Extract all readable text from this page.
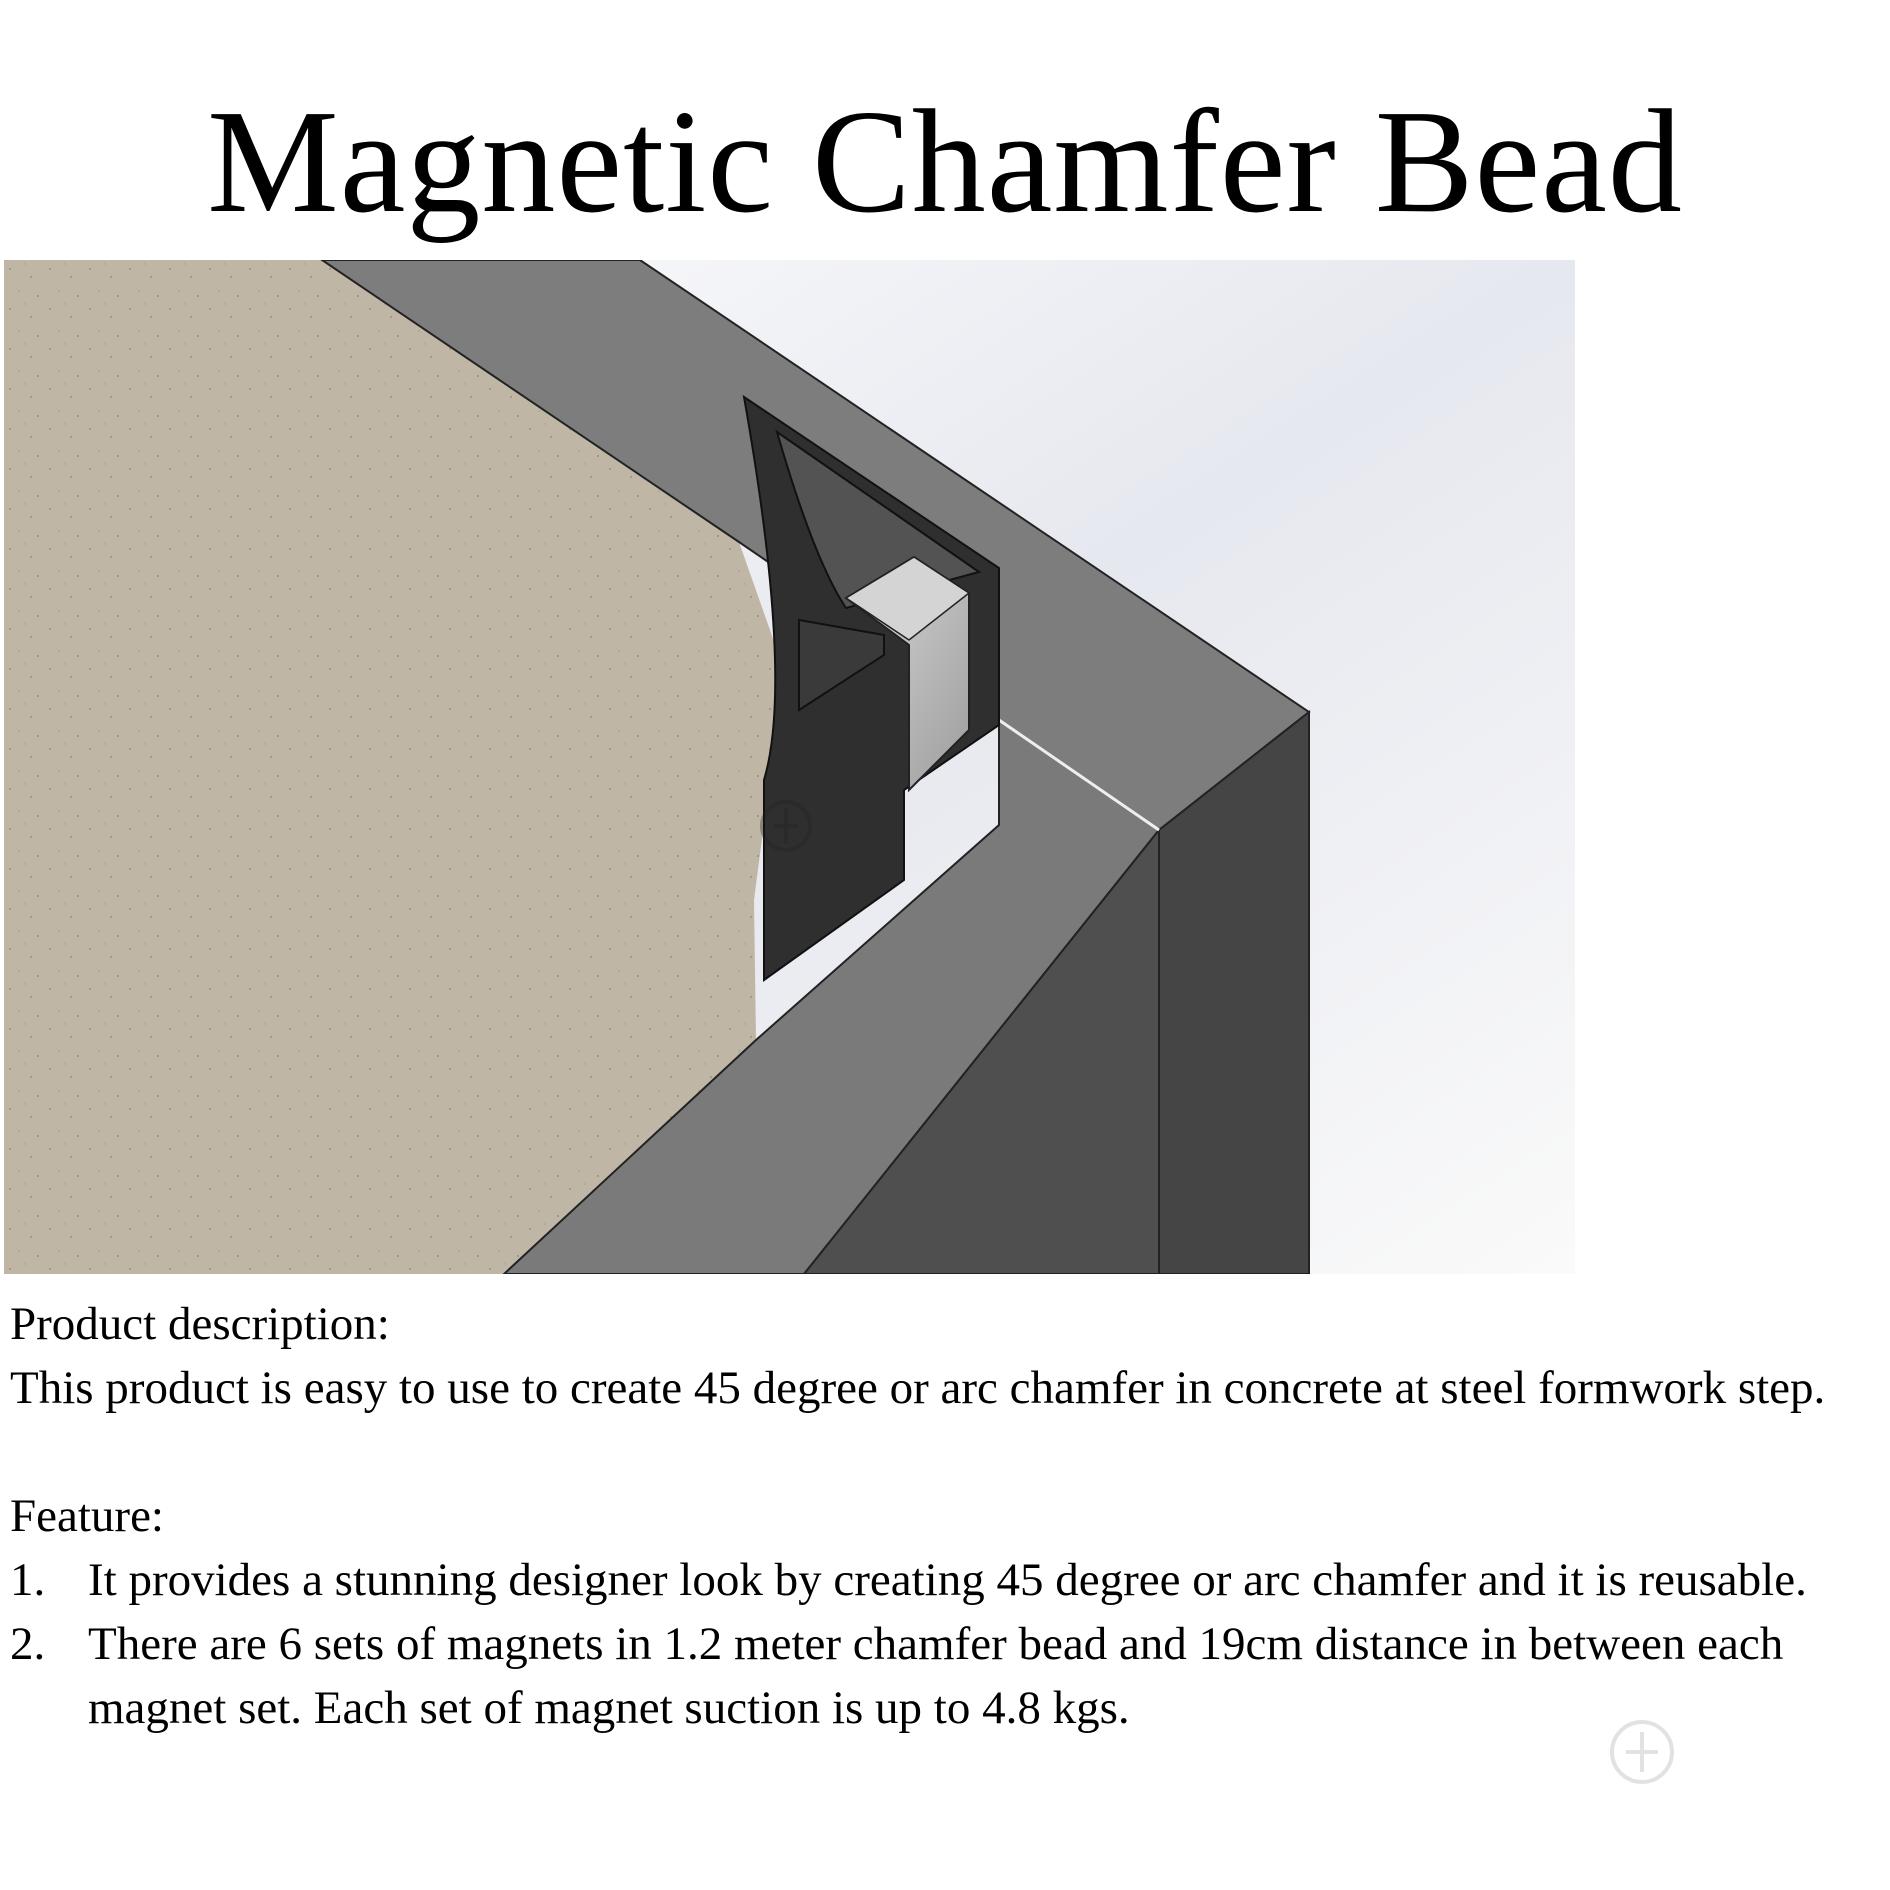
Magnetic Chamfer Bead

Product description:

This product is easy to use to create 45 degree or arc chamfer in concrete at steel formwork step.

Feature:

1. It provides a stunning designer look by creating 45 degree or arc chamfer and it is reusable.
2. There are 6 sets of magnets in 1.2 meter chamfer bead and 19cm distance in between each magnet set. Each set of magnet suction is up to 4.8 kgs.
